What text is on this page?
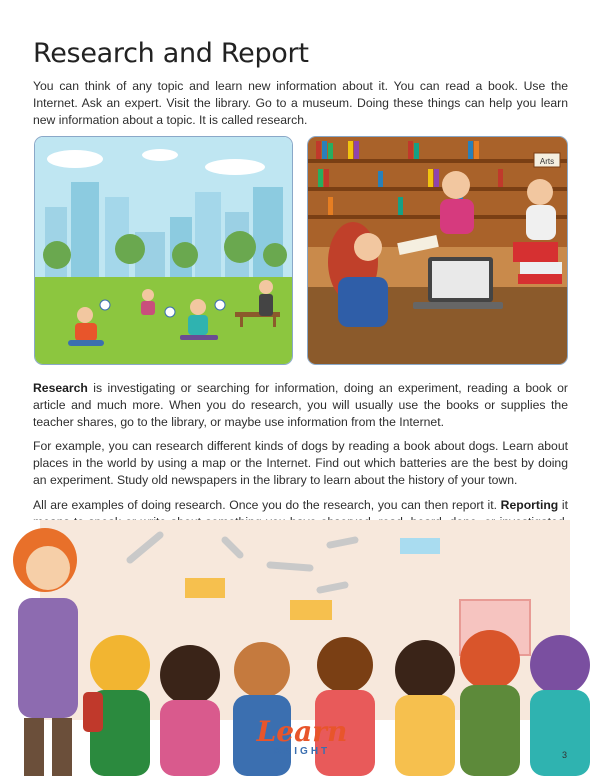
Research and Report

You can think of any topic and learn new information about it. You can read a book. Use the Internet. Ask an expert. Visit the library. Go to a museum. Doing these things can help you learn new information about a topic. It is called research.

Arts

Research is investigating or searching for information, doing an experiment, reading a book or article and much more. When you do research, you will usually use the books or supplies the teacher shares, go to the library, or maybe use information from the Internet.

For example, you can research different kinds of dogs by reading a book about dogs. Learn about places in the world by using a map or the Internet. Find out which batteries are the best by doing an experiment. Study old newspapers in the library to learn about the history of your town.

All are examples of doing research. Once you do the research, you can then report it. Reporting it

Learn
BRIGHT	3
